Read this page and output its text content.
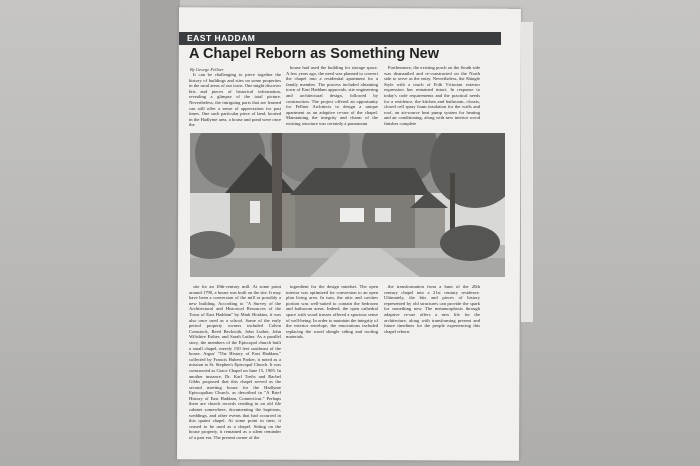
EAST HADDAM
A Chapel Reborn as Something New
By George Fellner

It can be challenging to piece together the history of buildings and sites on some properties in the rural areas of our town. One might discover bits and pieces of historical information, revealing a glimpse of the total picture. Nevertheless, the intriguing parts that are learned can still offer a sense of appreciation for past times. One such particular piece of land, located in the Hadlyme area, a house and pond were once the

house had used the building for storage space. A few years ago, the need was planned to convert the chapel into a residential apartment for a family member. The process included obtaining town of East Haddam approvals, site engineering and architectural design, followed by construction. The project offered an opportunity for Fellner Architects to design a unique apartment as an adaptive re-use of the chapel. Maintaining the integrity and charm of the existing structure was certainly a paramount

Furthermore, the existing porch on the South side was dismantled and re-constructed on the North side to serve as the entry. Nevertheless, the Shingle Style with a touch of Folk Victorian exterior expression has remained intact. In response to today's code requirements and the practical needs for a residence, the kitchen and bathroom, closets, closed cell spray foam insulation for the walls and roof, an air-source heat pump system for heating and air conditioning, along with new interior wood finishes complete

site for an 18th-century mill. At some point around 1790, a house was built on the site. It may have been a conversion of the mill or possibly a new building. According to "A Survey of the Architectural and Historical Resources of the Town of East Haddam" by Mark Hoskins, it was also once used as a school. Some of the early period property owners included Calvin Comstock, Reed Beckwith, John Luther, John Wiltshire Esther, and Sarah Luther. As a parallel story, the members of the Episcopal church built a small chapel, merely 150 feet southeast of the house. Argus' "The History of East Haddam," collected by Francis Hubert Parker, it noted as a mission to St. Stephen's Episcopal Church. It was constructed as Grace Chapel on June 15, 1905. In another instance, Dr. Karl Trefts and Rachel Gibbs proposed that this chapel served as the second meeting house for the Hadlyme Episcopalian Church, as described in "A Brief History of East Haddam, Connecticut." Perhaps there are church records residing in an old file cabinet somewhere, documenting the baptisms, weddings, and other events that had occurred in this quaint chapel. At some point in time, it ceased to be used as a chapel. Sitting on the house property, it remained as a silent reminder of a past era. The present owner of the

ingredient for the design mindset. The open interior was optimized for conversion to an open plan living area. In turn, the attic and cavities portion was well-suited to contain the bedroom and bathroom areas. Indeed, the open cathedral space with wood trusses offered a spacious sense of well-being. In order to maintain the integrity of the exterior envelope, the renovations included replacing the wood shingle siding and roofing materials.

the transformation from a barn of the 20th century chapel into a 21st century residence. Ultimately, the bits and pieces of history represented by old structures can provide the spark for something new. The metamorphosis through adaptive re-use offers a new life for the architecture, along with transforming present and future timelines for the people experiencing this chapel reborn.
